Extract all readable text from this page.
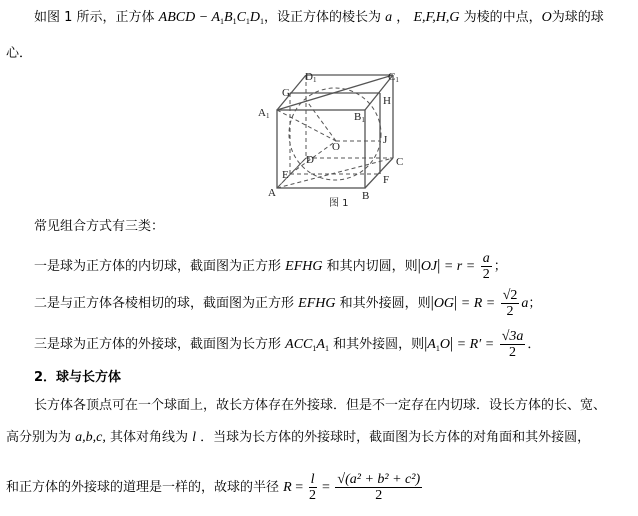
如图 1 所示，正方体 ABCD − $A_1B_1C_1D_1$，设正方体的棱长为 a ， E,F,H,G 为棱的中点，O为球的球
心．
D1	C1
G
H
A1	B1
O
J
D	C
E	F
A	B
图 1
常见组合方式有三类：
一是球为正方体的内切球，截面图为正方形 EFHG 和其内切圆，则$|OJ| = r = \frac{a}{2}$ ；
二是与正方体各棱相切的球，截面图为正方形 EFHG 和其外接圆，则$|OG| = R = \frac{√2}{2}$ a；
三是球为正方体的外接球，截面图为长方形 $ACC_1A_1$ 和其外接圆，则$|A_1O| = R' = \frac{√3a}{2}$ ．
2．球与长方体
长方体各顶点可在一个球面上，故长方体存在外接球．但是不一定存在内切球．设长方体的长、宽、
高分别为为 a,b,c, 其体对角线为 l ．当球为长方体的外接球时，截面图为长方体的对角面和其外接圆，
和正方体的外接球的道理是一样的，故球的半径 $R = \frac{l}{2} = \frac{\text{√(a² + b² + c²)}}{2}$
